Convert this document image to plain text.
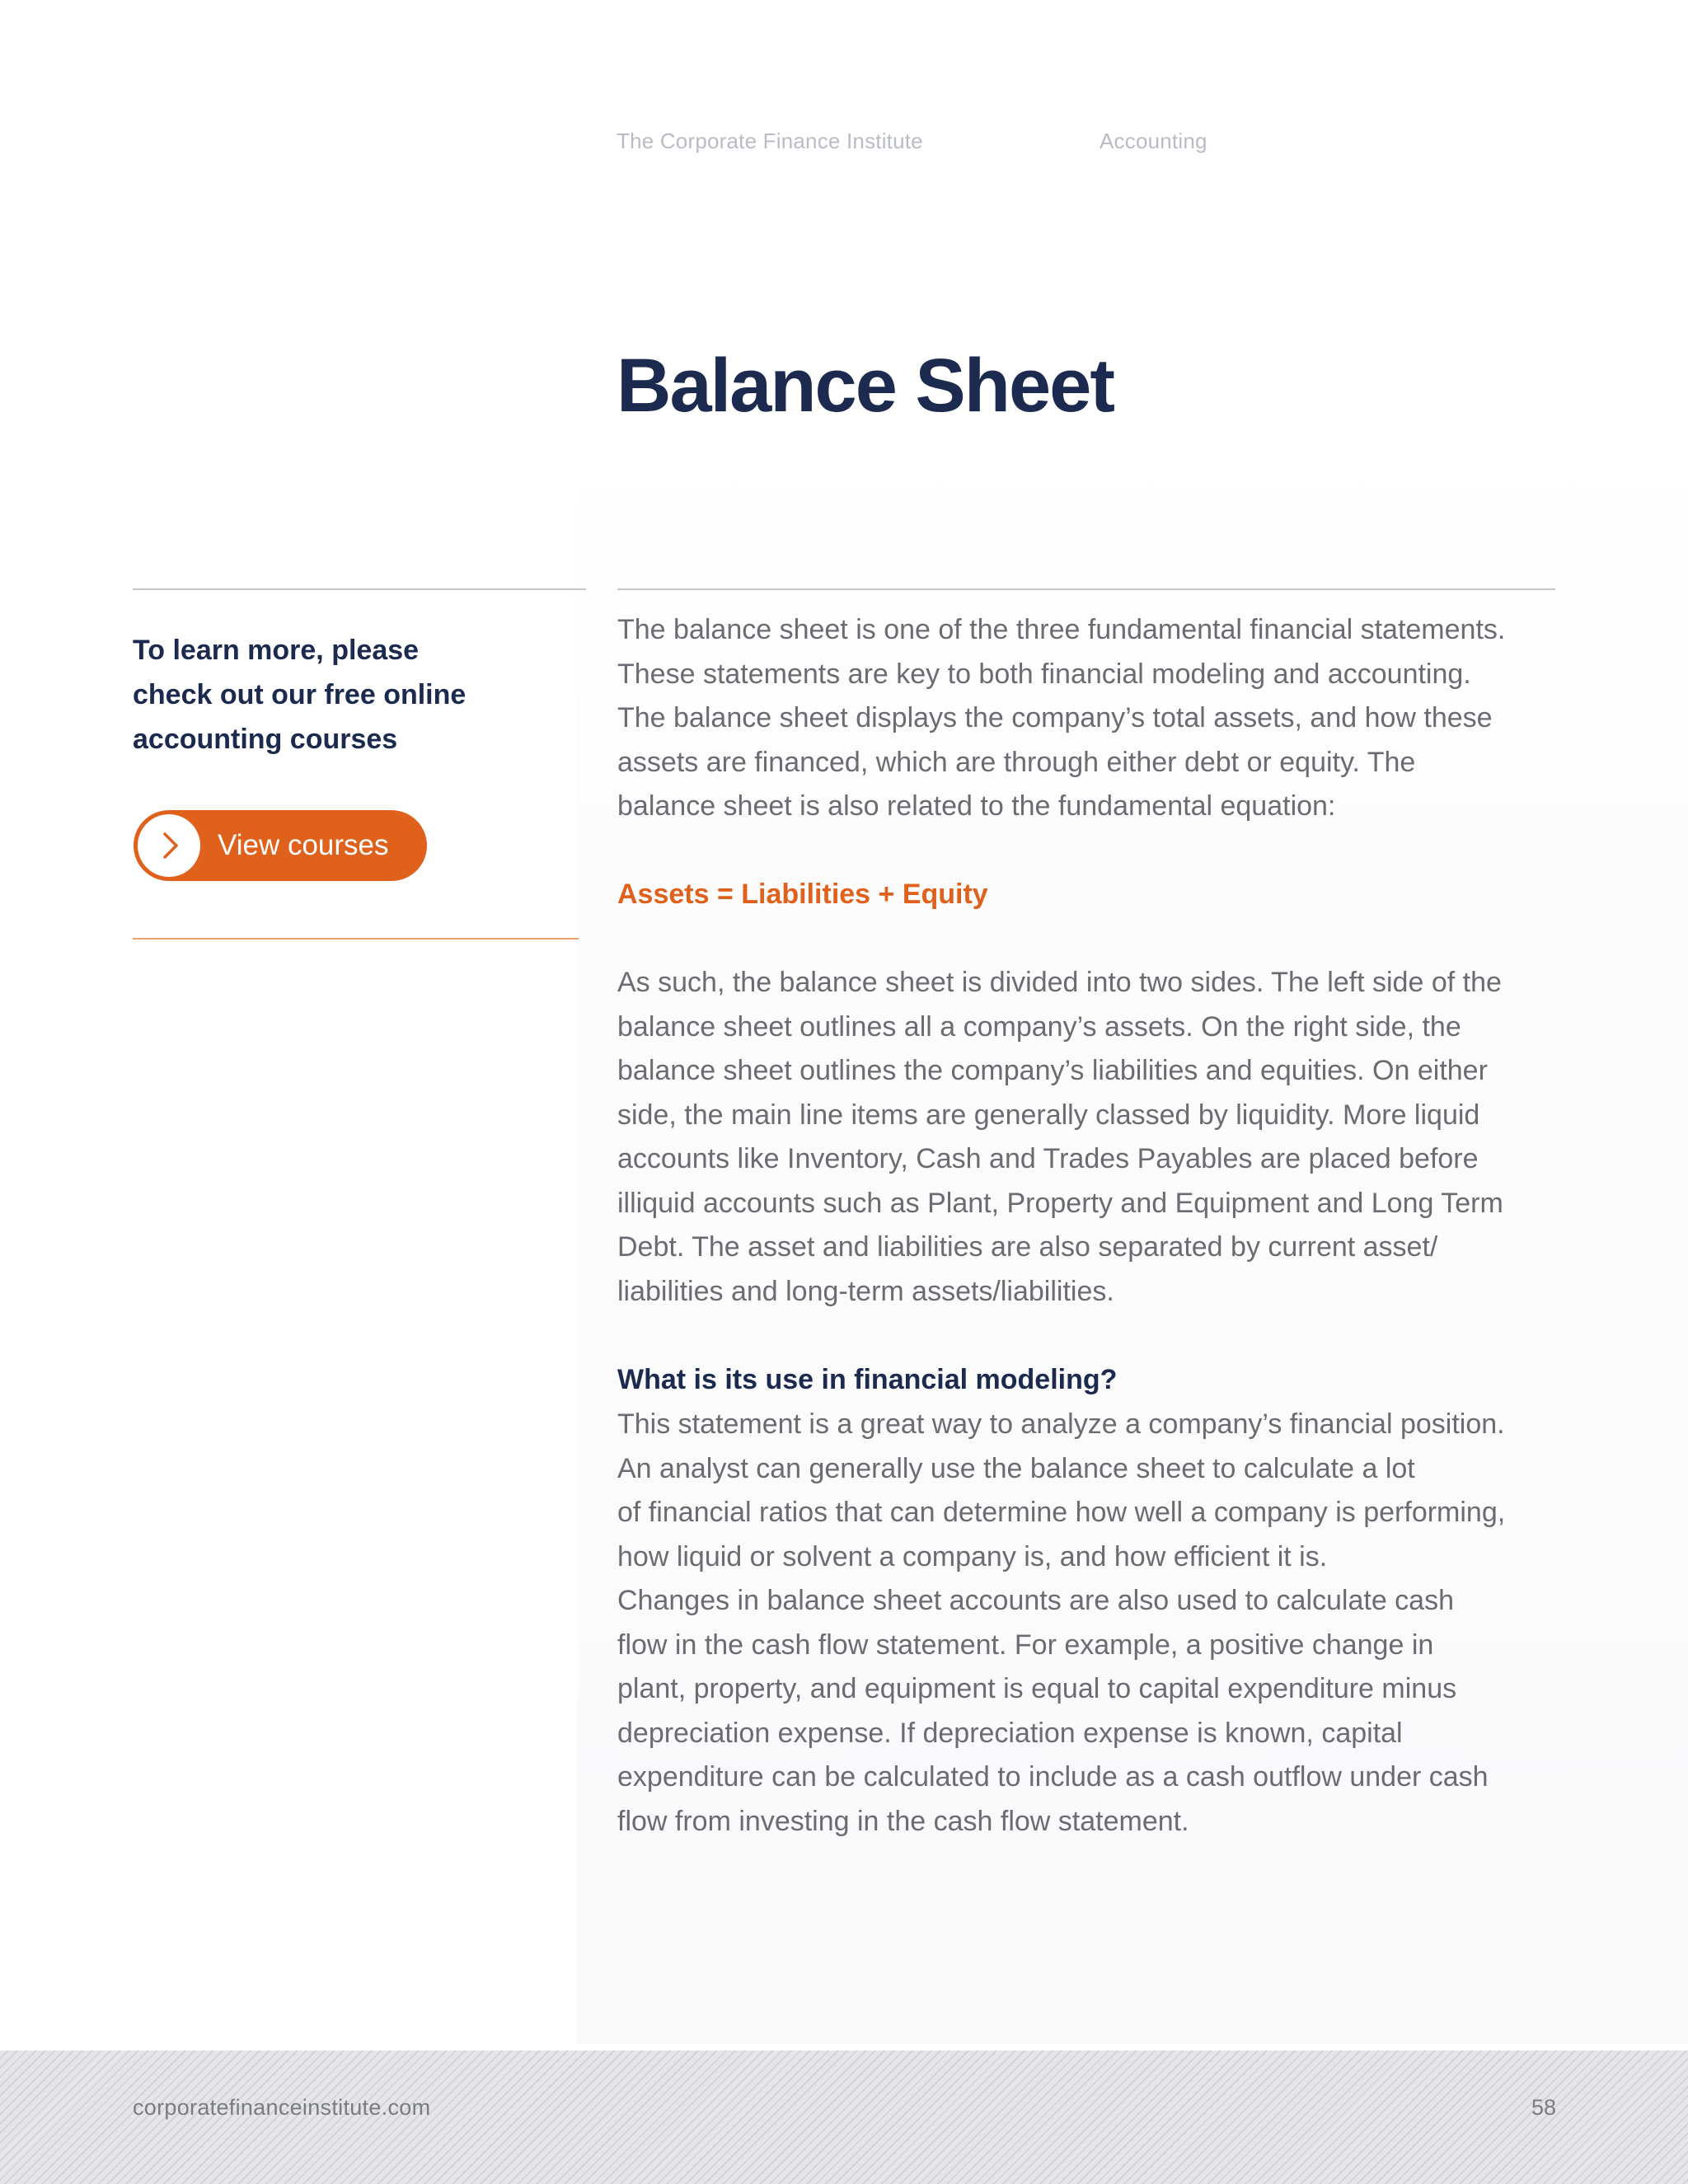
The Corporate Finance Institute	Accounting
Balance Sheet
To learn more, please
check out our free online
accounting courses
View courses
The balance sheet is one of the three fundamental financial statements.
These statements are key to both financial modeling and accounting.
The balance sheet displays the company’s total assets, and how these
assets are financed, which are through either debt or equity. The
balance sheet is also related to the fundamental equation:
Assets = Liabilities + Equity
As such, the balance sheet is divided into two sides. The left side of the
balance sheet outlines all a company’s assets. On the right side, the
balance sheet outlines the company’s liabilities and equities. On either
side, the main line items are generally classed by liquidity. More liquid
accounts like Inventory, Cash and Trades Payables are placed before
illiquid accounts such as Plant, Property and Equipment and Long Term
Debt. The asset and liabilities are also separated by current asset/
liabilities and long-term assets/liabilities.
What is its use in financial modeling?
This statement is a great way to analyze a company’s financial position.
An analyst can generally use the balance sheet to calculate a lot
of financial ratios that can determine how well a company is performing,
how liquid or solvent a company is, and how efficient it is.
Changes in balance sheet accounts are also used to calculate cash
flow in the cash flow statement. For example, a positive change in
plant, property, and equipment is equal to capital expenditure minus
depreciation expense. If depreciation expense is known, capital
expenditure can be calculated to include as a cash outflow under cash
flow from investing in the cash flow statement.
corporatefinanceinstitute.com	58
